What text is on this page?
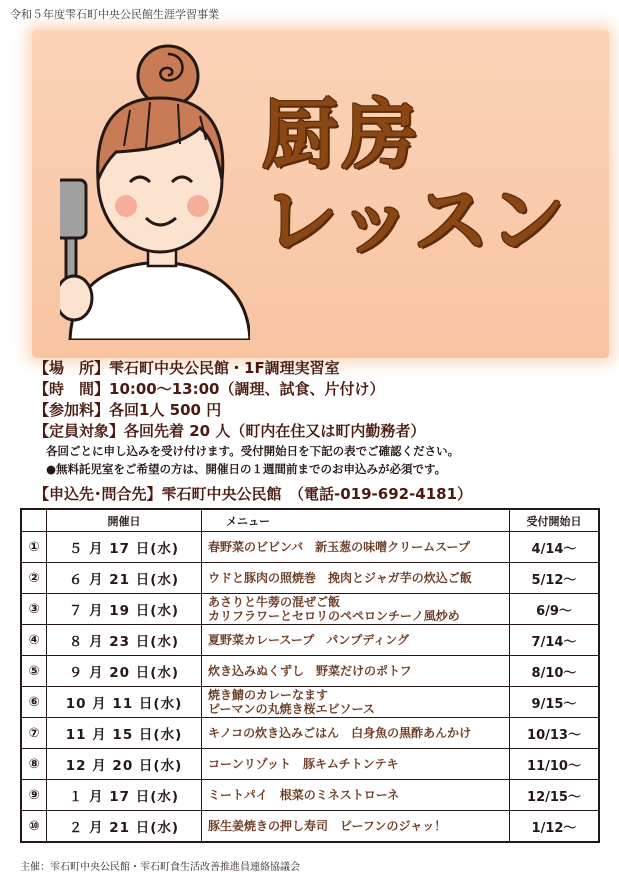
令和５年度雫石町中央公民館生涯学習事業
厨房
レッスン
【場　所】雫石町中央公民館・1F調理実習室
【時　間】10:00〜13:00（調理、試食、片付け）
【参加料】各回1人 500 円
【定員対象】各回先着 20 人（町内在住又は町内勤務者）
各回ごとに申し込みを受け付けます。受付開始日を下記の表でご確認ください。
●無料託児室をご希望の方は、開催日の１週間前までのお申込みが必須です。
【申込先･問合先】雫石町中央公民館　（電話-019-692-4181）
	開催日	メニュー	受付開始日
①	５ 月 17 日(水)	春野菜のビビンバ　新玉葱の味噌クリームスープ	4/14〜
②	６ 月 21 日(水)	ウドと豚肉の照焼巻　挽肉とジャガ芋の炊込ご飯	5/12〜
③	７ 月 19 日(水)	あさりと牛蒡の混ぜご飯
カリフラワーとセロリのペペロンチーノ風炒め	6/9〜
④	８ 月 23 日(水)	夏野菜カレースープ　パンプディング	7/14〜
⑤	９ 月 20 日(水)	炊き込みぬくずし　野菜だけのポトフ	8/10〜
⑥	10 月 11 日(水)	焼き鯖のカレーなます
ピーマンの丸焼き桜エビソース	9/15〜
⑦	11 月 15 日(水)	キノコの炊き込みごはん　白身魚の黒酢あんかけ	10/13〜
⑧	12 月 20 日(水)	コーンリゾット　豚キムチトンテキ	11/10〜
⑨	１ 月 17 日(水)	ミートパイ　根菜のミネストローネ	12/15〜
⑩	２ 月 21 日(水)	豚生姜焼きの押し寿司　ビーフンのジャッ！	1/12〜
主催：雫石町中央公民館・雫石町食生活改善推進員連絡協議会
